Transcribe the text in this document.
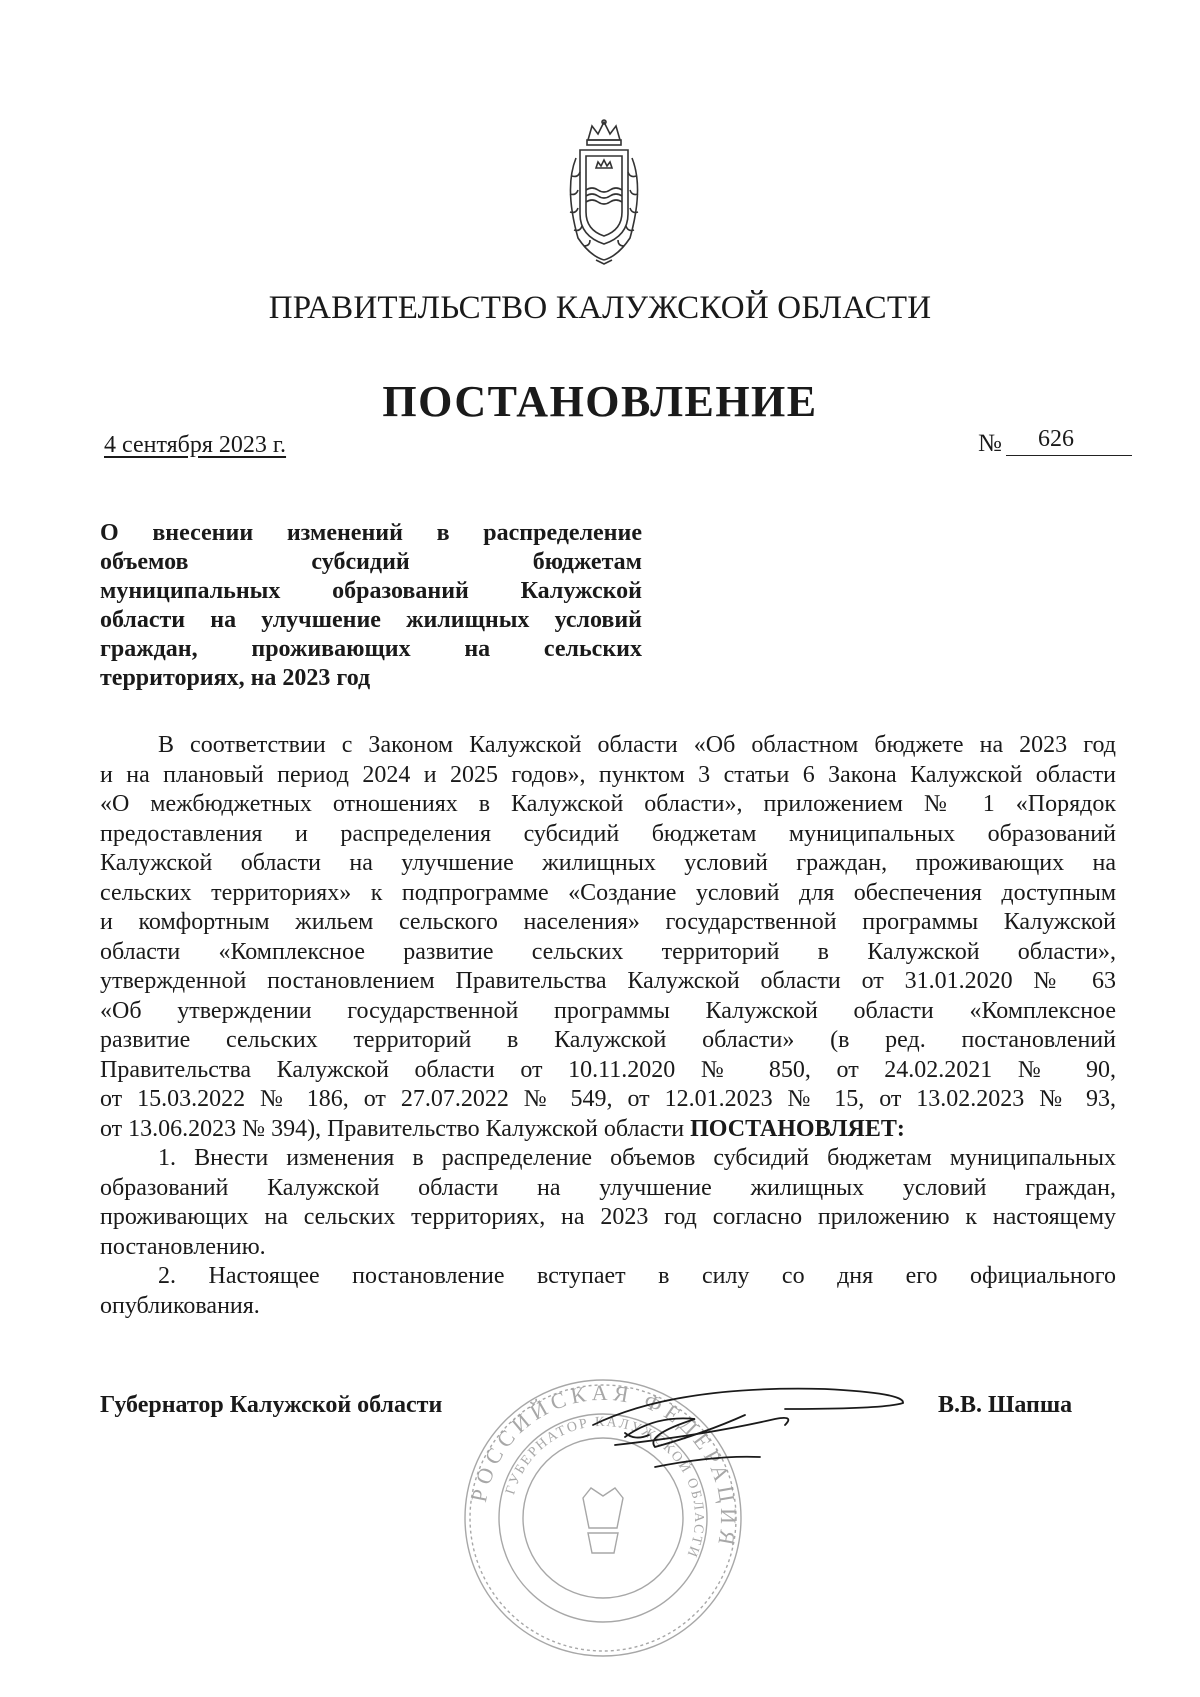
ПРАВИТЕЛЬСТВО КАЛУЖСКОЙ ОБЛАСТИ
ПОСТАНОВЛЕНИЕ
4 сентября 2023 г.	№	626
О внесении изменений в распределение
объемов субсидий бюджетам
муниципальных образований Калужской
области на улучшение жилищных условий
граждан, проживающих на сельских
территориях, на 2023 год
В соответствии с Законом Калужской области «Об областном бюджете на 2023 год
и на плановый период 2024 и 2025 годов», пунктом 3 статьи 6 Закона Калужской области
«О межбюджетных отношениях в Калужской области», приложением № 1 «Порядок
предоставления и распределения субсидий бюджетам муниципальных образований
Калужской области на улучшение жилищных условий граждан, проживающих на
сельских территориях» к подпрограмме «Создание условий для обеспечения доступным
и комфортным жильем сельского населения» государственной программы Калужской
области «Комплексное развитие сельских территорий в Калужской области»,
утвержденной постановлением Правительства Калужской области от 31.01.2020 № 63
«Об утверждении государственной программы Калужской области «Комплексное
развитие сельских территорий в Калужской области» (в ред. постановлений
Правительства Калужской области от 10.11.2020 № 850, от 24.02.2021 № 90,
от 15.03.2022 № 186, от 27.07.2022 № 549, от 12.01.2023 № 15, от 13.02.2023 № 93,
от 13.06.2023 № 394), Правительство Калужской области ПОСТАНОВЛЯЕТ:
1. Внести изменения в распределение объемов субсидий бюджетам муниципальных
образований Калужской области на улучшение жилищных условий граждан,
проживающих на сельских территориях, на 2023 год согласно приложению к настоящему
постановлению.
2. Настоящее постановление вступает в силу со дня его официального
опубликования.
РОССИЙСКАЯ ФЕДЕРАЦИЯ
ГУБЕРНАТОР КАЛУЖСКОЙ ОБЛАСТИ
Губернатор Калужской области	В.В. Шапша
